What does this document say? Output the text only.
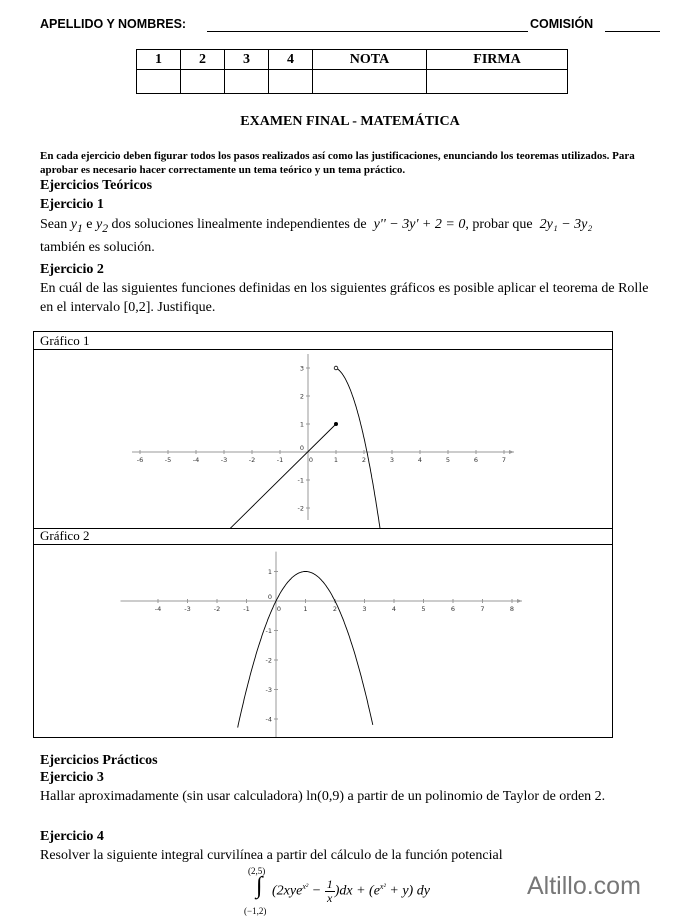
APELLIDO Y NOMBRES:	COMISIÓN
1	2	3	4	NOTA	FIRMA

EXAMEN FINAL - MATEMÁTICA
En cada ejercicio deben figurar todos los pasos realizados así como las justificaciones, enunciando los teoremas utilizados. Para aprobar es necesario hacer correctamente un tema teórico y un tema práctico.
Ejercicios Teóricos
Ejercicio 1
Sean $y_1$ e $y_2$ dos soluciones linealmente independientes de y'' − 3y' + 2 = 0, probar que 2y₁ − 3y₂
también es solución.
Ejercicio 2
En cuál de las siguientes funciones definidas en los siguientes gráficos es posible aplicar el teorema de Rolle en el intervalo [0,2]. Justifique.
Gráfico 1
-6	-5	-4	-3	-2	-1	0	1	2	3	4	5	6	7
3
2
1
0
-1
-2
Gráfico 2
-4	-3	-2	-1	0	1	2	3	4	5	6	7	8
1
0
-1
-2
-3
-4
Ejercicios Prácticos
Ejercicio 3
Hallar aproximadamente (sin usar calculadora) ln(0,9) a partir de un polinomio de Taylor de orden 2.
Ejercicio 4
Resolver la siguiente integral curvilínea a partir del cálculo de la función potencial
(2,5)
∫
(−1,2)
$(2xye^{x^2} - \frac{1}{x} )dx + (e^{x^2} + y)$ dy	Altillo.com
